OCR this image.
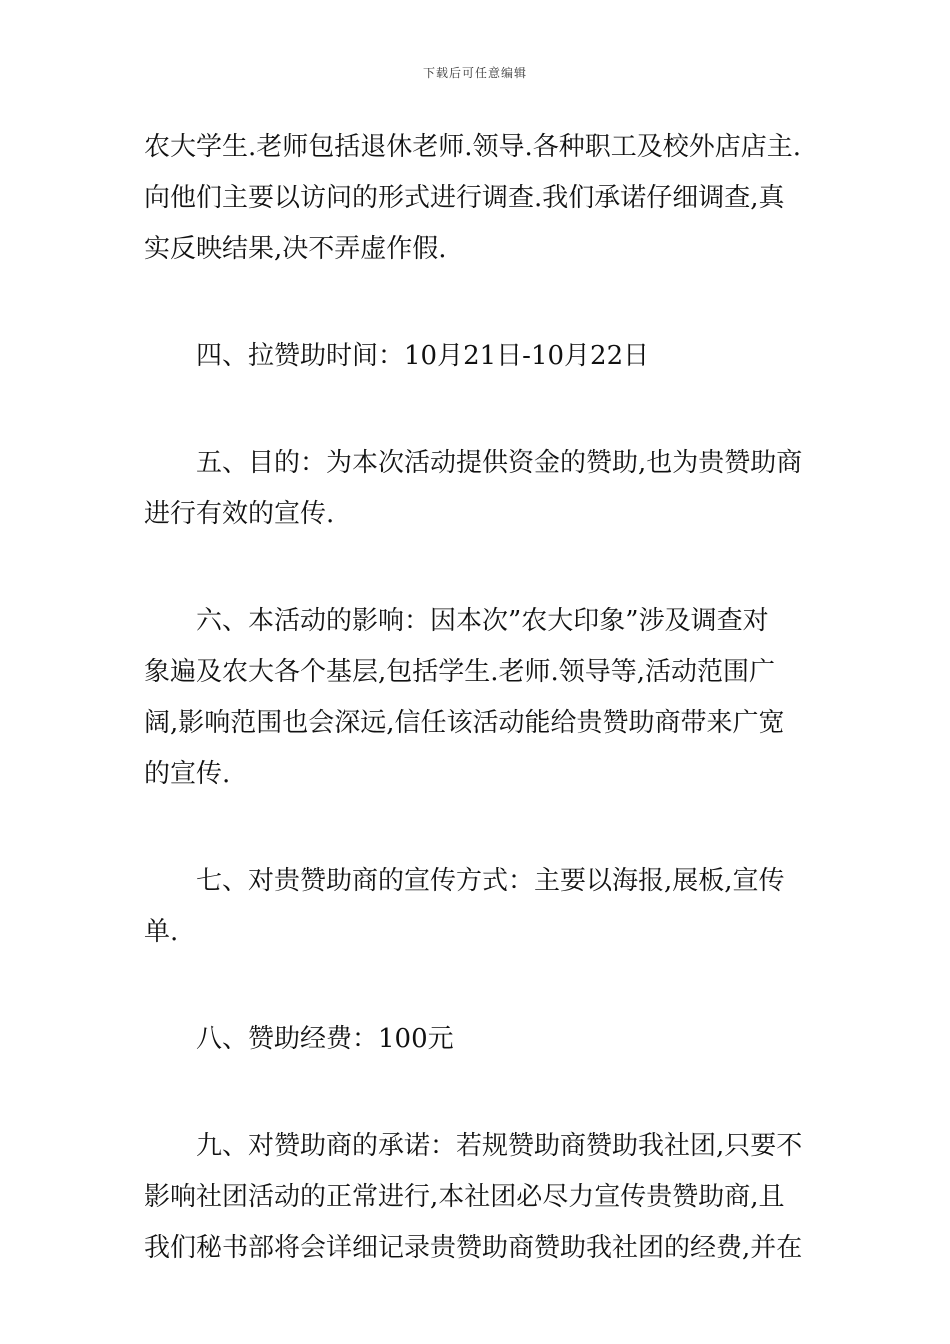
下载后可任意编辑

农大学生.老师包括退休老师.领导.各种职工及校外店店主.
向他们主要以访问的形式进行调查.我们承诺仔细调查,真
实反映结果,决不弄虚作假.

四、拉赞助时间：10月21日-10月22日

五、目的：为本次活动提供资金的赞助,也为贵赞助商
进行有效的宣传.

六、本活动的影响：因本次”农大印象”涉及调查对
象遍及农大各个基层,包括学生.老师.领导等,活动范围广
阔,影响范围也会深远,信任该活动能给贵赞助商带来广宽
的宣传.

七、对贵赞助商的宣传方式：主要以海报,展板,宣传
单.

八、赞助经费：100元

九、对赞助商的承诺：若规赞助商赞助我社团,只要不
影响社团活动的正常进行,本社团必尽力宣传贵赞助商,且
我们秘书部将会详细记录贵赞助商赞助我社团的经费,并在
